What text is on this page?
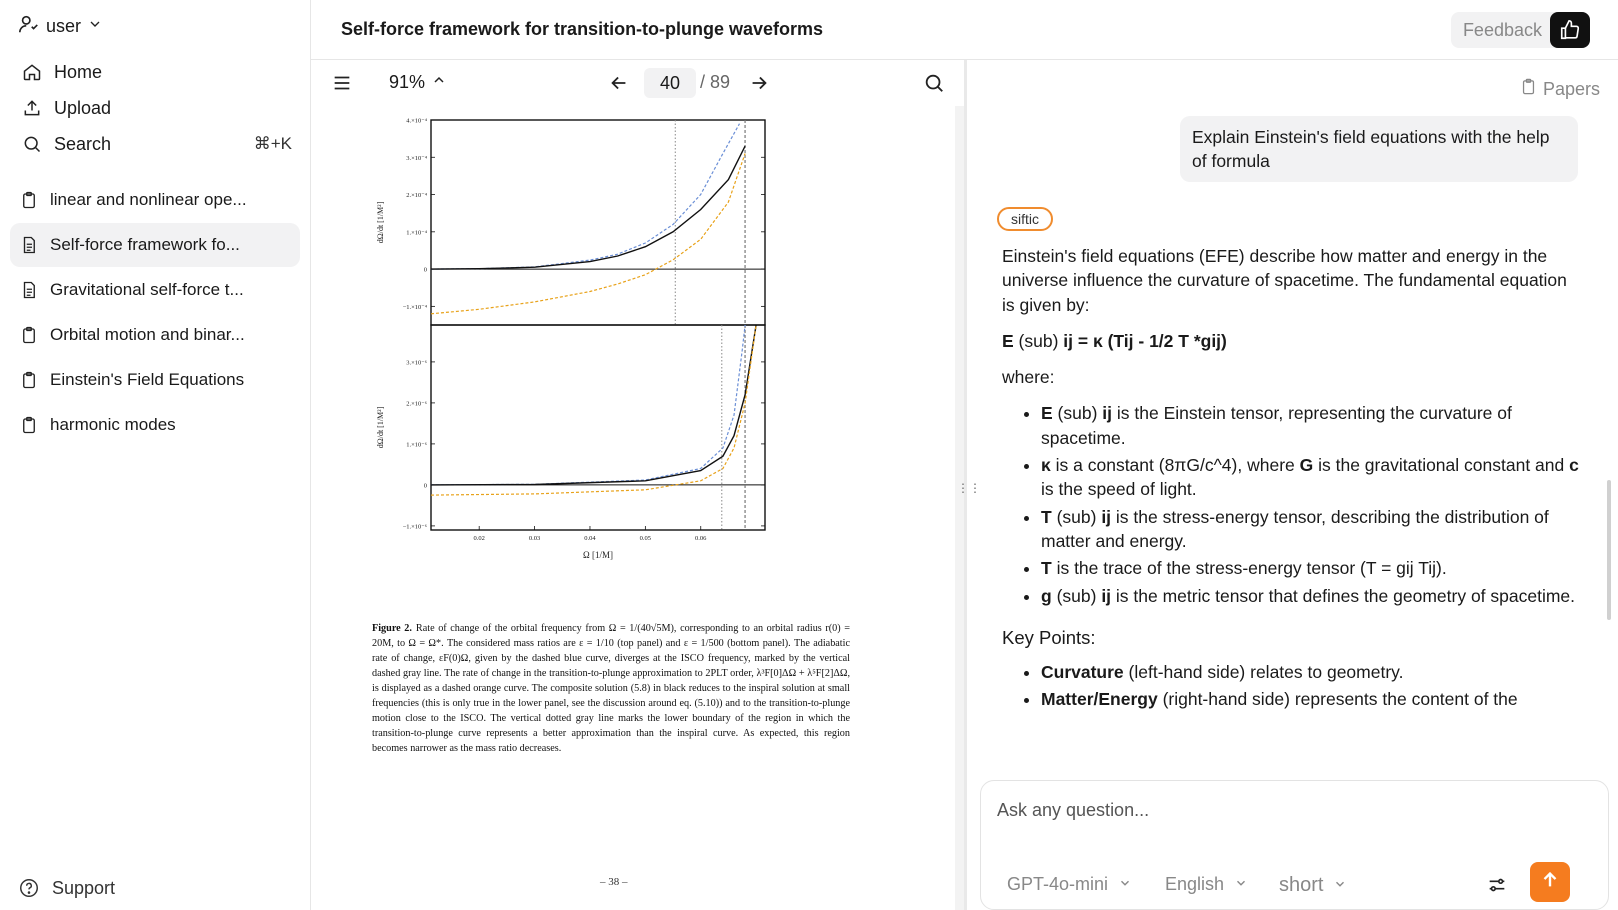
user
Home
Upload
Search	⌘+K
linear and nonlinear ope...
Self-force framework fo...
Gravitational self-force t...
Orbital motion and binar...
Einstein's Field Equations
harmonic modes
Support
Self-force framework for transition-to-plunge waveforms	Feedback
91%	40	/ 89
4.×10⁻⁴
3.×10⁻⁴
2.×10⁻⁴
1.×10⁻⁴
0
−1.×10⁻⁴
dΩ/dt [1/M²]
3.×10⁻⁶
2.×10⁻⁶
1.×10⁻⁶
0
−1.×10⁻⁶
dΩ/dt [1/M²]
0.02	0.03	0.04	0.05	0.06
Ω [1/M]
Figure 2. Rate of change of the orbital frequency from Ω = 1/(40√5M), corresponding to an orbital radius r(0) = 20M, to Ω = Ω*. The considered mass ratios are ε = 1/10 (top panel) and ε = 1/500 (bottom panel). The adiabatic rate of change, εF(0)Ω, given by the dashed blue curve, diverges at the ISCO frequency, marked by the vertical dashed gray line. The rate of change in the transition-to-plunge approximation to 2PLT order, λ³F[0]ΔΩ + λ⁵F[2]ΔΩ, is displayed as a dashed orange curve. The composite solution (5.8) in black reduces to the inspiral solution at small frequencies (this is only true in the lower panel, see the discussion around eq. (5.10)) and to the transition-to-plunge motion close to the ISCO. The vertical dotted gray line marks the lower boundary of the region in which the transition-to-plunge curve represents a better approximation than the inspiral curve. As expected, this region becomes narrower as the mass ratio decreases.
– 38 –
⋮⋮
Papers
Explain Einstein's field equations with the help of formula
siftic

Einstein's field equations (EFE) describe how matter and energy in the universe influence the curvature of spacetime. The fundamental equation is given by:

E (sub) ij = κ (Tij - 1/2 T *gij)

where:

• E (sub) ij is the Einstein tensor, representing the curvature of spacetime.
• κ is a constant (8πG/c^4), where G is the gravitational constant and c is the speed of light.
• T (sub) ij is the stress-energy tensor, describing the distribution of matter and energy.
• T is the trace of the stress-energy tensor (T = gij Tij).
• g (sub) ij is the metric tensor that defines the geometry of spacetime.
Key Points:
• Curvature (left-hand side) relates to geometry.
• Matter/Energy (right-hand side) represents the content of the
Ask any question...
GPT-4o-mini	English	short
